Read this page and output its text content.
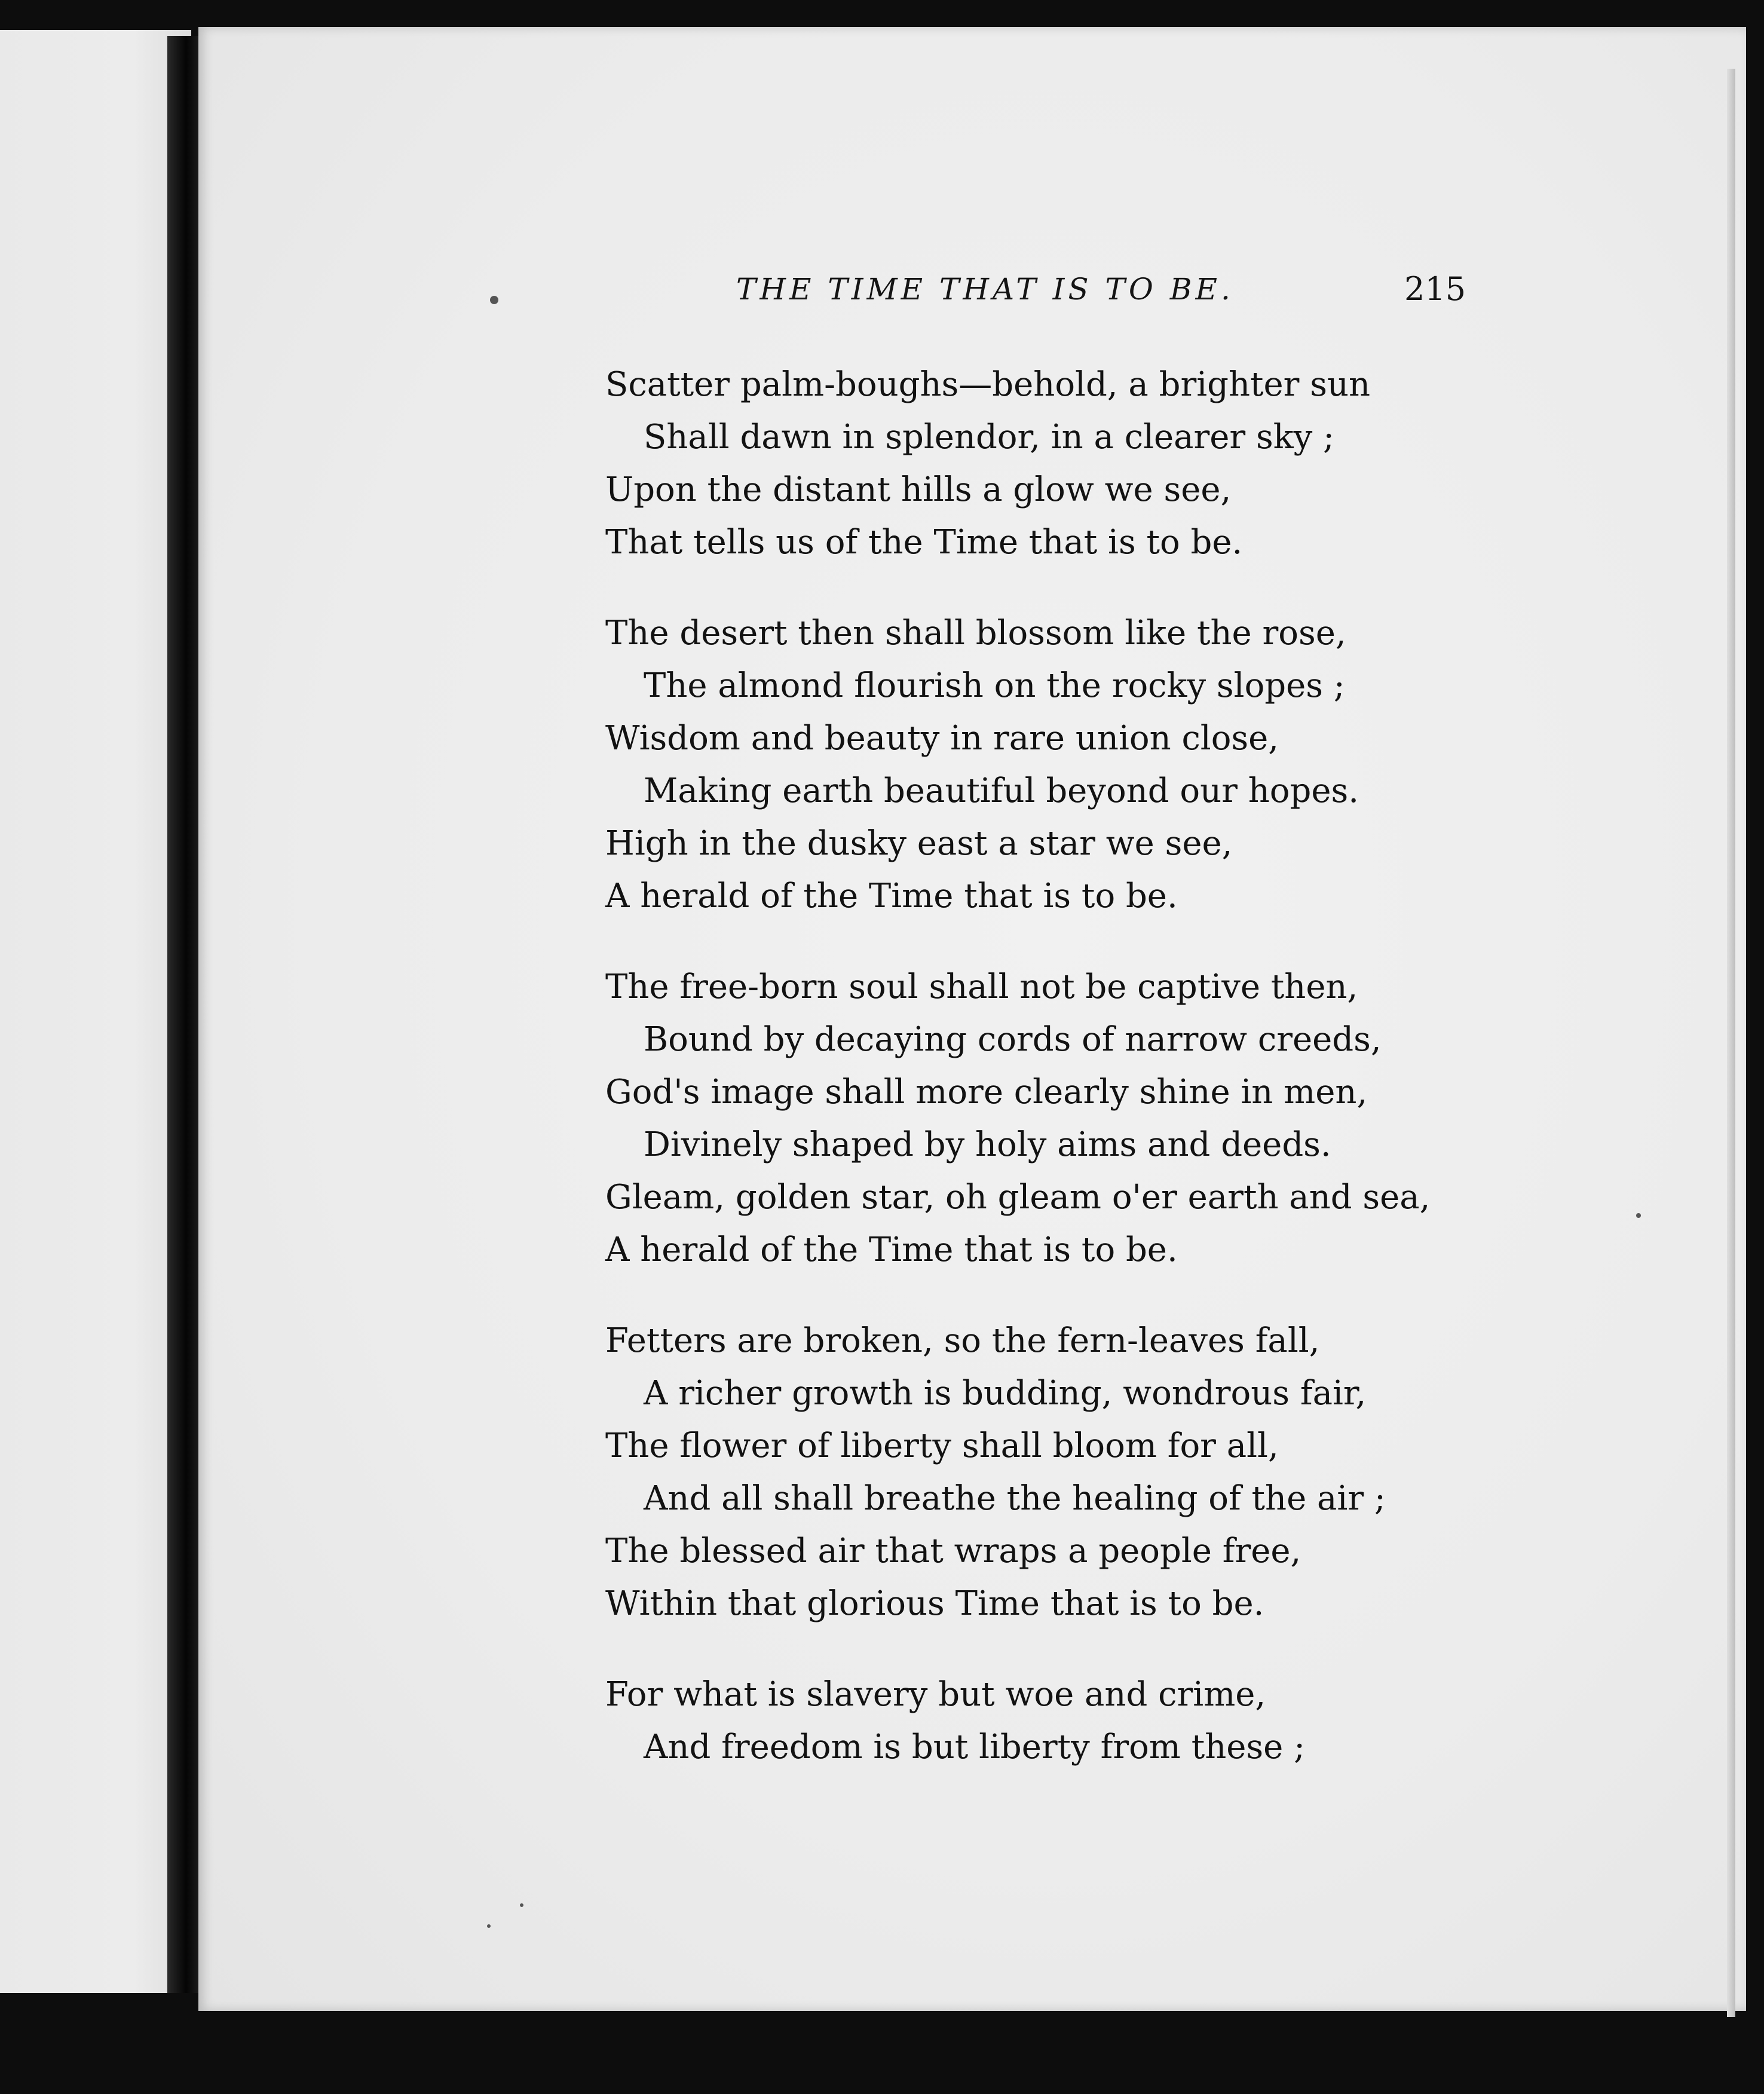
THE TIME THAT IS TO BE.	215
Scatter palm-boughs—behold, a brighter sun
Shall dawn in splendor, in a clearer sky ;
Upon the distant hills a glow we see,
That tells us of the Time that is to be.
The desert then shall blossom like the rose,
The almond flourish on the rocky slopes ;
Wisdom and beauty in rare union close,
Making earth beautiful beyond our hopes.
High in the dusky east a star we see,
A herald of the Time that is to be.
The free-born soul shall not be captive then,
Bound by decaying cords of narrow creeds,
God's image shall more clearly shine in men,
Divinely shaped by holy aims and deeds.
Gleam, golden star, oh gleam o'er earth and sea,
A herald of the Time that is to be.
Fetters are broken, so the fern-leaves fall,
A richer growth is budding, wondrous fair,
The flower of liberty shall bloom for all,
And all shall breathe the healing of the air ;
The blessed air that wraps a people free,
Within that glorious Time that is to be.
For what is slavery but woe and crime,
And freedom is but liberty from these ;
